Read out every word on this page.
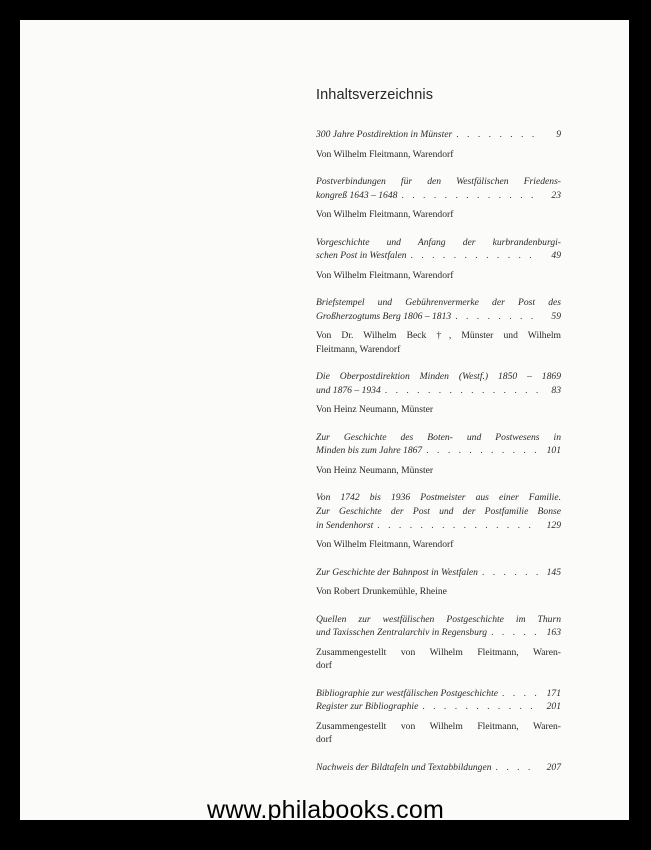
Inhaltsverzeichnis
300 Jahre Postdirektion in Münster . . .	9
Von Wilhelm Fleitmann, Warendorf
Postverbindungen für den Westfälischen Friedens-
kongreß 1643 – 1648 . . .	23
Von Wilhelm Fleitmann, Warendorf
Vorgeschichte und Anfang der kurbrandenburgi-
schen Post in Westfalen . . .	49
Von Wilhelm Fleitmann, Warendorf
Briefstempel und Gebührenvermerke der Post des
Großherzogtums Berg 1806 – 1813 . . .	59
Von Dr. Wilhelm Beck †, Münster und Wilhelm
Fleitmann, Warendorf
Die Oberpostdirektion Minden (Westf.) 1850 – 1869
und 1876 – 1934 . . .	83
Von Heinz Neumann, Münster
Zur Geschichte des Boten- und Postwesens in
Minden bis zum Jahre 1867 . . .	101
Von Heinz Neumann, Münster
Von 1742 bis 1936 Postmeister aus einer Familie.
Zur Geschichte der Post und der Postfamilie Bonse
in Sendenhorst . . .	129
Von Wilhelm Fleitmann, Warendorf
Zur Geschichte der Bahnpost in Westfalen . . .	145
Von Robert Drunkemühle, Rheine
Quellen zur westfälischen Postgeschichte im Thurn
und Taxisschen Zentralarchiv in Regensburg . . .	163
Zusammengestellt von Wilhelm Fleitmann, Waren-
dorf
Bibliographie zur westfälischen Postgeschichte . . .	171
Register zur Bibliographie . . .	201
Zusammengestellt von Wilhelm Fleitmann, Waren-
dorf
Nachweis der Bildtafeln und Textabbildungen . . .	207
www.philabooks.com
